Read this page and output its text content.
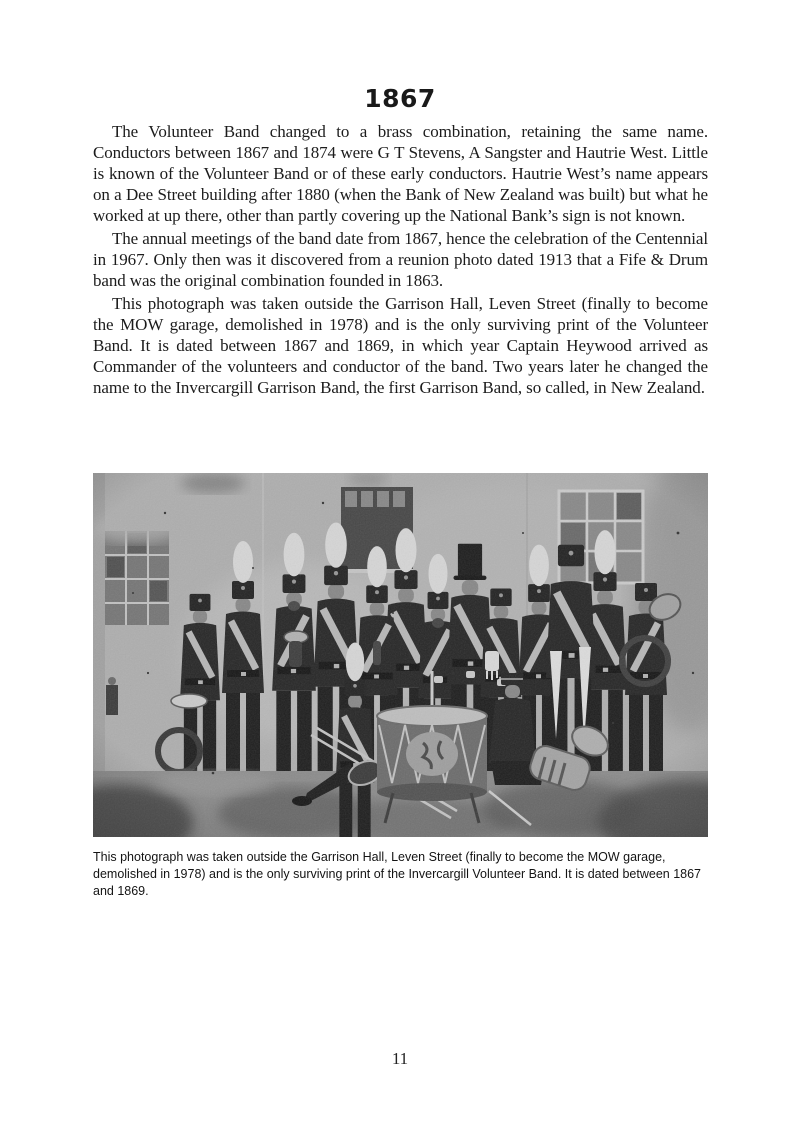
1867

The Volunteer Band changed to a brass combination, retaining the same name. Conductors between 1867 and 1874 were G T Stevens, A Sangster and Hautrie West. Little is known of the Volunteer Band or of these early conductors. Hautrie West’s name appears on a Dee Street building after 1880 (when the Bank of New Zealand was built) but what he worked at up there, other than partly covering up the National Bank’s sign is not known.

The annual meetings of the band date from 1867, hence the celebration of the Centennial in 1967. Only then was it discovered from a reunion photo dated 1913 that a Fife & Drum band was the original combination founded in 1863.

This photograph was taken outside the Garrison Hall, Leven Street (finally to become the MOW garage, demolished in 1978) and is the only surviving print of the Volunteer Band. It is dated between 1867 and 1869, in which year Captain Heywood arrived as Commander of the volunteers and conductor of the band. Two years later he changed the name to the Invercargill Garrison Band, the first Garrison Band, so called, in New Zealand.

This photograph was taken outside the Garrison Hall, Leven Street (finally to become the MOW garage, demolished in 1978) and is the only surviving print of the Invercargill Volunteer Band. It is dated between 1867 and 1869.
11
